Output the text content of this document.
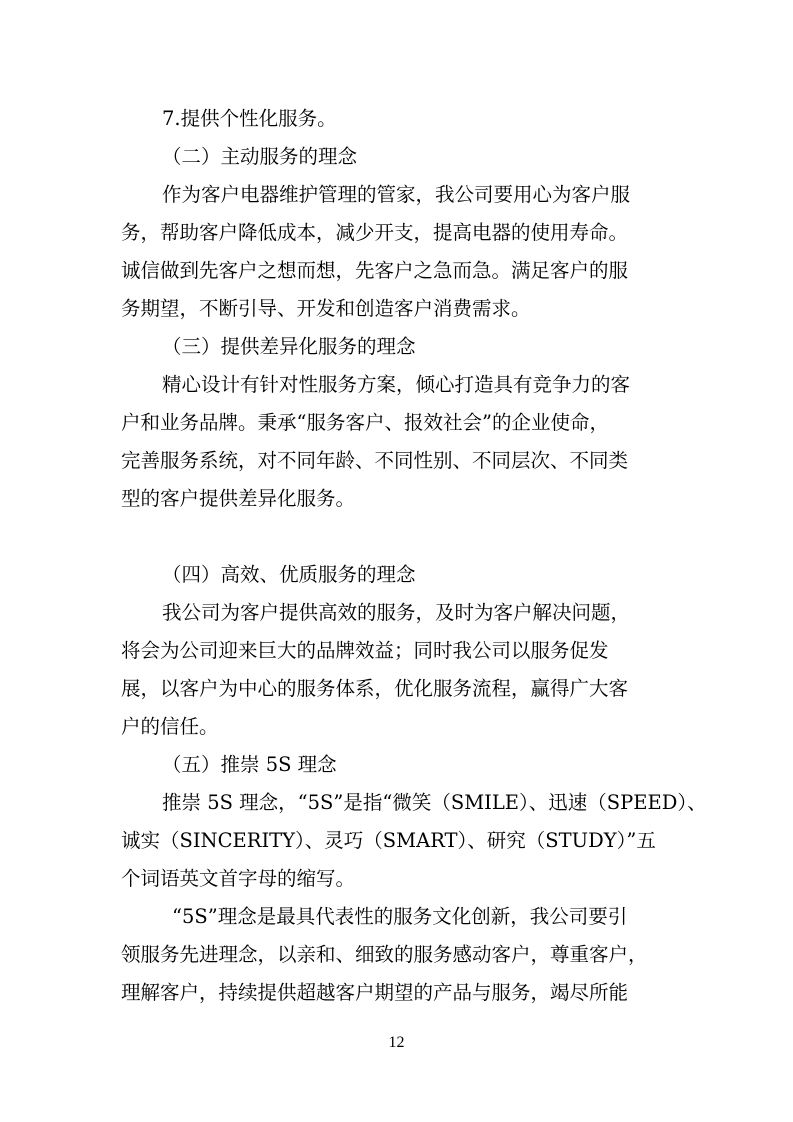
7.提供个性化服务。
（二）主动服务的理念
作为客户电器维护管理的管家，我公司要用心为客户服
务，帮助客户降低成本，减少开支，提高电器的使用寿命。
诚信做到先客户之想而想，先客户之急而急。满足客户的服
务期望，不断引导、开发和创造客户消费需求。
（三）提供差异化服务的理念
精心设计有针对性服务方案，倾心打造具有竞争力的客
户和业务品牌。秉承“服务客户、报效社会”的企业使命，
完善服务系统，对不同年龄、不同性别、不同层次、不同类
型的客户提供差异化服务。
（四）高效、优质服务的理念
我公司为客户提供高效的服务，及时为客户解决问题，
将会为公司迎来巨大的品牌效益；同时我公司以服务促发
展，以客户为中心的服务体系，优化服务流程，赢得广大客
户的信任。
（五）推崇 5S 理念
推崇 5S 理念，“5S”是指“微笑（SMILE）、迅速（SPEED）、
诚实（SINCERITY）、灵巧（SMART）、研究（STUDY）”五
个词语英文首字母的缩写。
“5S”理念是最具代表性的服务文化创新，我公司要引
领服务先进理念，以亲和、细致的服务感动客户，尊重客户，
理解客户，持续提供超越客户期望的产品与服务，竭尽所能
12
